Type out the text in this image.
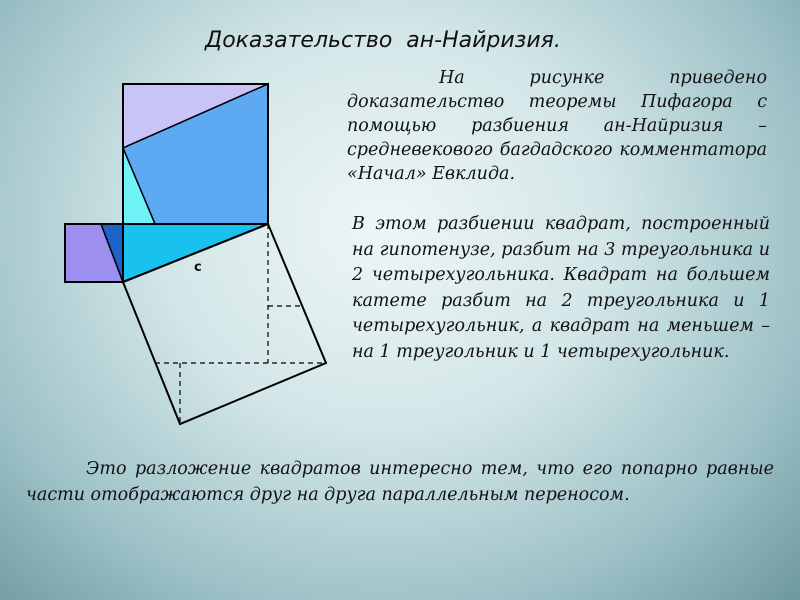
Доказательство  ан-Найризия.

На рисунке приведено доказательство теоремы Пифагора с помощью разбиения ан-Найризия – средневекового багдадского комментатора «Начал» Евклида.

В этом разбиении квадрат, построенный на гипотенузе, разбит на 3 треугольника и 2 четырехугольника. Квадрат на большем катете разбит на 2 треугольника и 1 четырехугольник, а квадрат на меньшем – на 1 треугольник и 1 четырехугольник.

Это разложение квадратов интересно тем, что его попарно равные части отображаются друг на друга параллельным переносом.

c
